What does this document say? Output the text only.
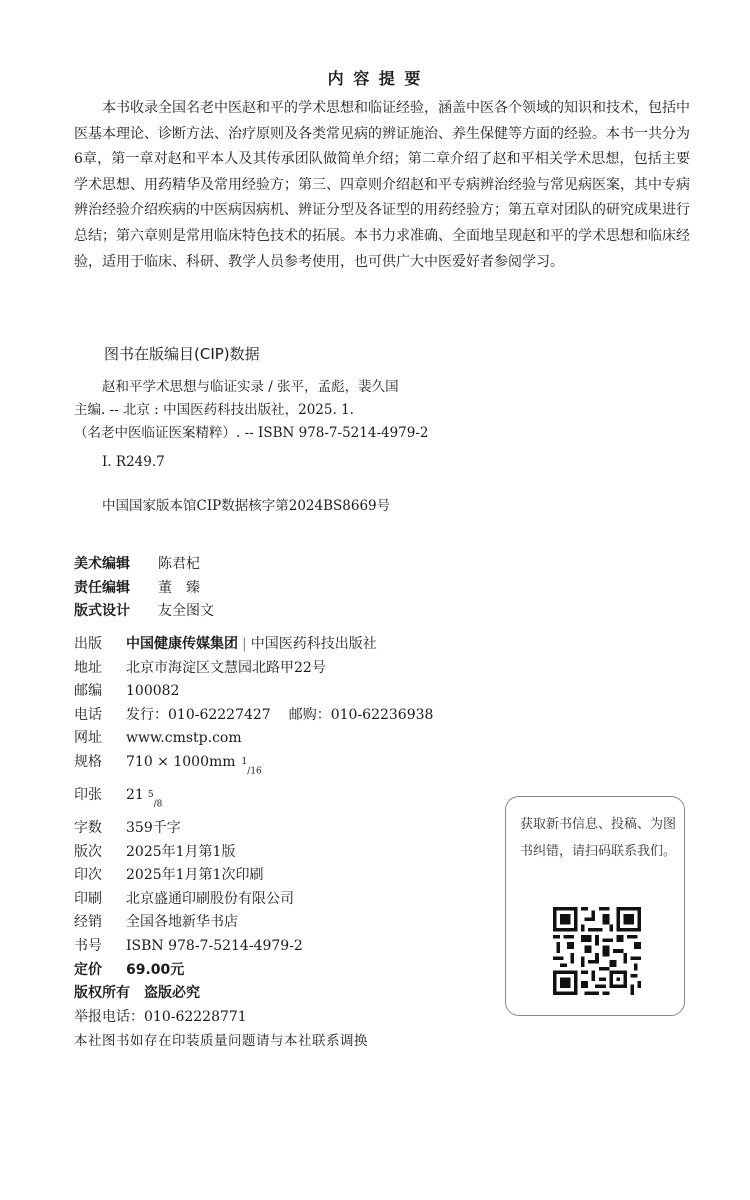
内 容 提 要

本书收录全国名老中医赵和平的学术思想和临证经验，涵盖中医各个领域的知识和技术，包括中医基本理论、诊断方法、治疗原则及各类常见病的辨证施治、养生保健等方面的经验。本书一共分为6章，第一章对赵和平本人及其传承团队做简单介绍；第二章介绍了赵和平相关学术思想，包括主要学术思想、用药精华及常用经验方；第三、四章则介绍赵和平专病辨治经验与常见病医案，其中专病辨治经验介绍疾病的中医病因病机、辨证分型及各证型的用药经验方；第五章对团队的研究成果进行总结；第六章则是常用临床特色技术的拓展。本书力求准确、全面地呈现赵和平的学术思想和临床经验，适用于临床、科研、教学人员参考使用，也可供广大中医爱好者参阅学习。

图书在版编目(CIP)数据
赵和平学术思想与临证实录 / 张平，孟彪，裴久国
主编. -- 北京 : 中国医药科技出版社，2025. 1.
（名老中医临证医案精粹）. -- ISBN 978-7-5214-4979-2
Ⅰ. R249.7
中国国家版本馆CIP数据核字第2024BS8669号
美术编辑	陈君杞
责任编辑	董　臻
版式设计	友全图文
出版	中国健康传媒集团 | 中国医药科技出版社
地址	北京市海淀区文慧园北路甲22号
邮编	100082
电话	发行：010-62227427 邮购：010-62236938
网址	www.cmstp.com
规格	710 × 1000mm $^1_{/16}$
印张	21 $^5_{/8}$
字数	359千字
版次	2025年1月第1版
印次	2025年1月第1次印刷
印刷	北京盛通印刷股份有限公司
经销	全国各地新华书店
书号	ISBN 978-7-5214-4979-2
定价	69.00元
版权所有　盗版必究
举报电话 ：010-62228771
本社图书如存在印装质量问题请与本社联系调换
获取新书信息、投稿、为图书纠错，请扫码联系我们。
